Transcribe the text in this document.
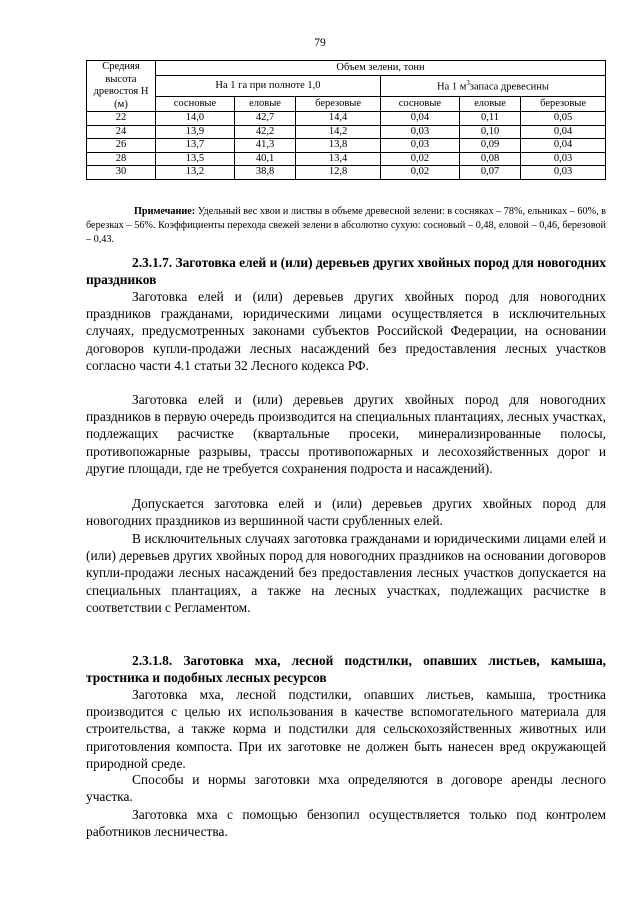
79
Средняя высота древостоя Н (м)	Объем зелени, тонн					
	На 1 га при полноте 1,0			На 1 $м^3запаса$ древесины		
	сосновые	еловые	березовые	сосновые	еловые	березовые
22	14,0	42,7	14,4	0,04	0,11	0,05
24	13,9	42,2	14,2	0,03	0,10	0,04
26	13,7	41,3	13,8	0,03	0,09	0,04
28	13,5	40,1	13,4	0,02	0,08	0,03
30	13,2	38,8	12,8	0,02	0,07	0,03
Примечание: Удельный вес хвои и листвы в объеме древесной зелени: в сосняках – 78%, ельниках – 60%, в березках – 56%. Коэффициенты перехода свежей зелени в абсолютно сухую: сосновый – 0,48, еловой – 0,46, березовой – 0,43.
2.3.1.7. Заготовка елей и (или) деревьев других хвойных пород для новогодних праздников

Заготовка елей и (или) деревьев других хвойных пород для новогодних праздников гражданами, юридическими лицами осуществляется в исключительных случаях, предусмотренных законами субъектов Российской Федерации, на основании договоров купли-продажи лесных насаждений без предоставления лесных участков согласно части 4.1 статьи 32 Лесного кодекса РФ.

Заготовка елей и (или) деревьев других хвойных пород для новогодних праздников в первую очередь производится на специальных плантациях, лесных участках, подлежащих расчистке (квартальные просеки, минерализированные полосы, противопожарные разрывы, трассы противопожарных и лесохозяйственных дорог и другие площади, где не требуется сохранения подроста и насаждений).

Допускается заготовка елей и (или) деревьев других хвойных пород для новогодних праздников из вершинной части срубленных елей.

В исключительных случаях заготовка гражданами и юридическими лицами елей и (или) деревьев других хвойных пород для новогодних праздников на основании договоров купли-продажи лесных насаждений без предоставления лесных участков допускается на специальных плантациях, а также на лесных участках, подлежащих расчистке в соответствии с Регламентом.

2.3.1.8. Заготовка мха, лесной подстилки, опавших листьев, камыша, тростника и подобных лесных ресурсов

Заготовка мха, лесной подстилки, опавших листьев, камыша, тростника производится с целью их использования в качестве вспомогательного материала для строительства, а также корма и подстилки для сельскохозяйственных животных или приготовления компоста. При их заготовке не должен быть нанесен вред окружающей природной среде.

Способы и нормы заготовки мха определяются в договоре аренды лесного участка.

Заготовка мха с помощью бензопил осуществляется только под контролем работников лесничества.
